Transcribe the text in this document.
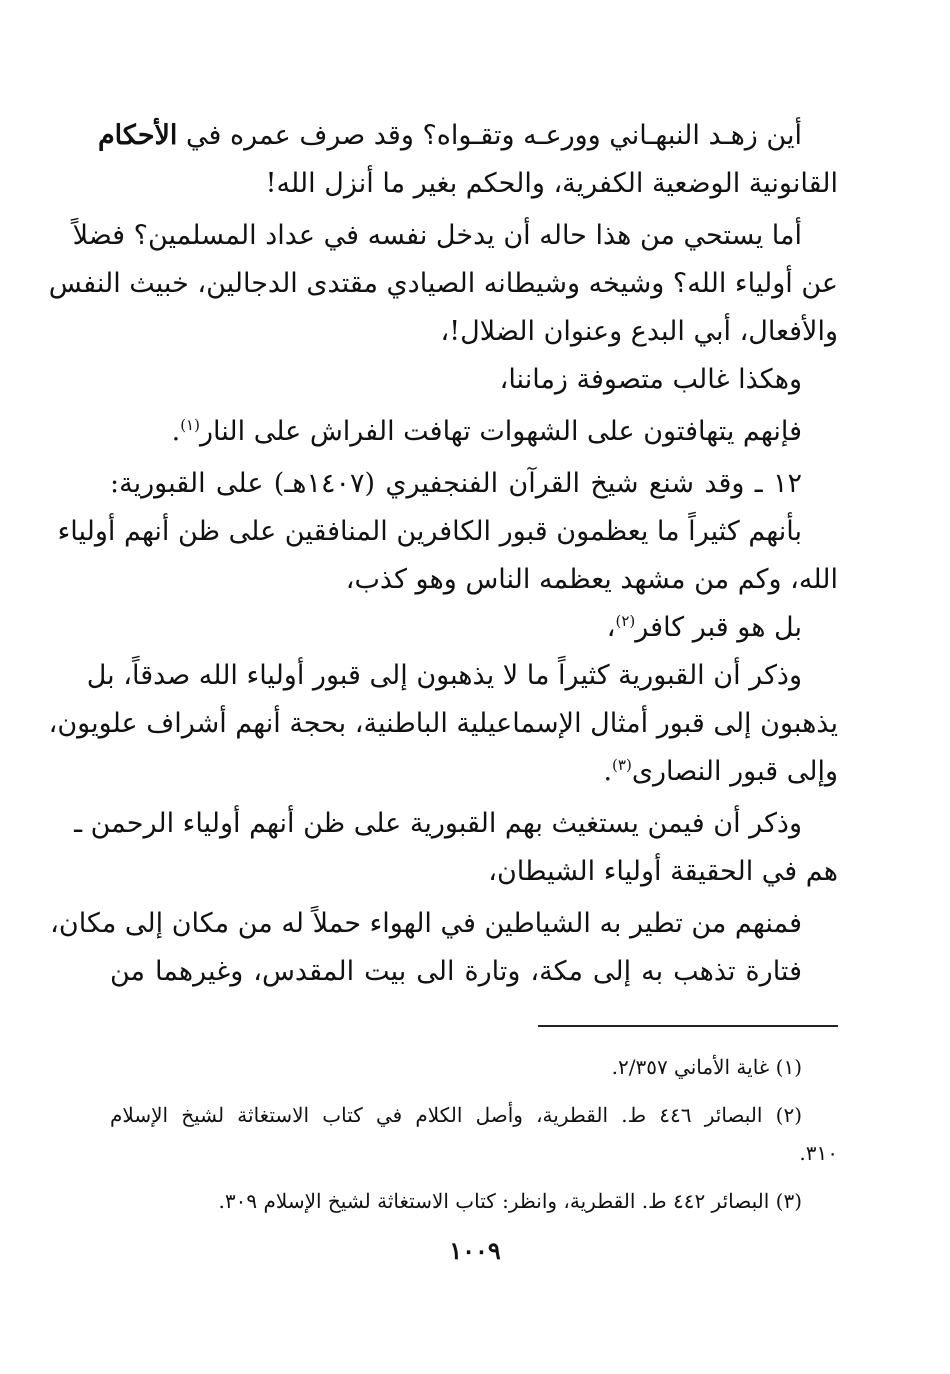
أين زهـد النبهـاني وورعـه وتقـواه؟ وقد صرف عمره في الأحكام
القانونية الوضعية الكفرية، والحكم بغير ما أنزل الله!
أما يستحي من هذا حاله أن يدخل نفسه في عداد المسلمين؟ فضلاً
عن أولياء الله؟ وشيخه وشيطانه الصيادي مقتدى الدجالين، خبيث النفس
والأفعال، أبي البدع وعنوان الضلال!،
وهكذا غالب متصوفة زماننا،
فإنهم يتهافتون على الشهوات تهافت الفراش على النار$^{(١)}$.
١٢ ـ وقد شنع شيخ القرآن الفنجفيري (١٤٠٧هـ) على القبورية:
بأنهم كثيراً ما يعظمون قبور الكافرين المنافقين على ظن أنهم أولياء
الله، وكم من مشهد يعظمه الناس وهو كذب،
بل هو قبر كافر$^{(٢)}$،
وذكر أن القبورية كثيراً ما لا يذهبون إلى قبور أولياء الله صدقاً، بل
يذهبون إلى قبور أمثال الإسماعيلية الباطنية، بحجة أنهم أشراف علويون،
وإلى قبور النصارى$^{(٣)}$.
وذكر أن فيمن يستغيث بهم القبورية على ظن أنهم أولياء الرحمن ـ
هم في الحقيقة أولياء الشيطان،
فمنهم من تطير به الشياطين في الهواء حملاً له من مكان إلى مكان،
فتارة تذهب به إلى مكة، وتارة الى بيت المقدس، وغيرهما من
(١) غاية الأماني ٢/٣٥٧.
(٢) البصائر ٤٤٦ ط. القطرية، وأصل الكلام في كتاب الاستغاثة لشيخ الإسلام
٣١٠.
(٣) البصائر ٤٤٢ ط. القطرية، وانظر: كتاب الاستغاثة لشيخ الإسلام ٣٠٩.
١٠٠٩
